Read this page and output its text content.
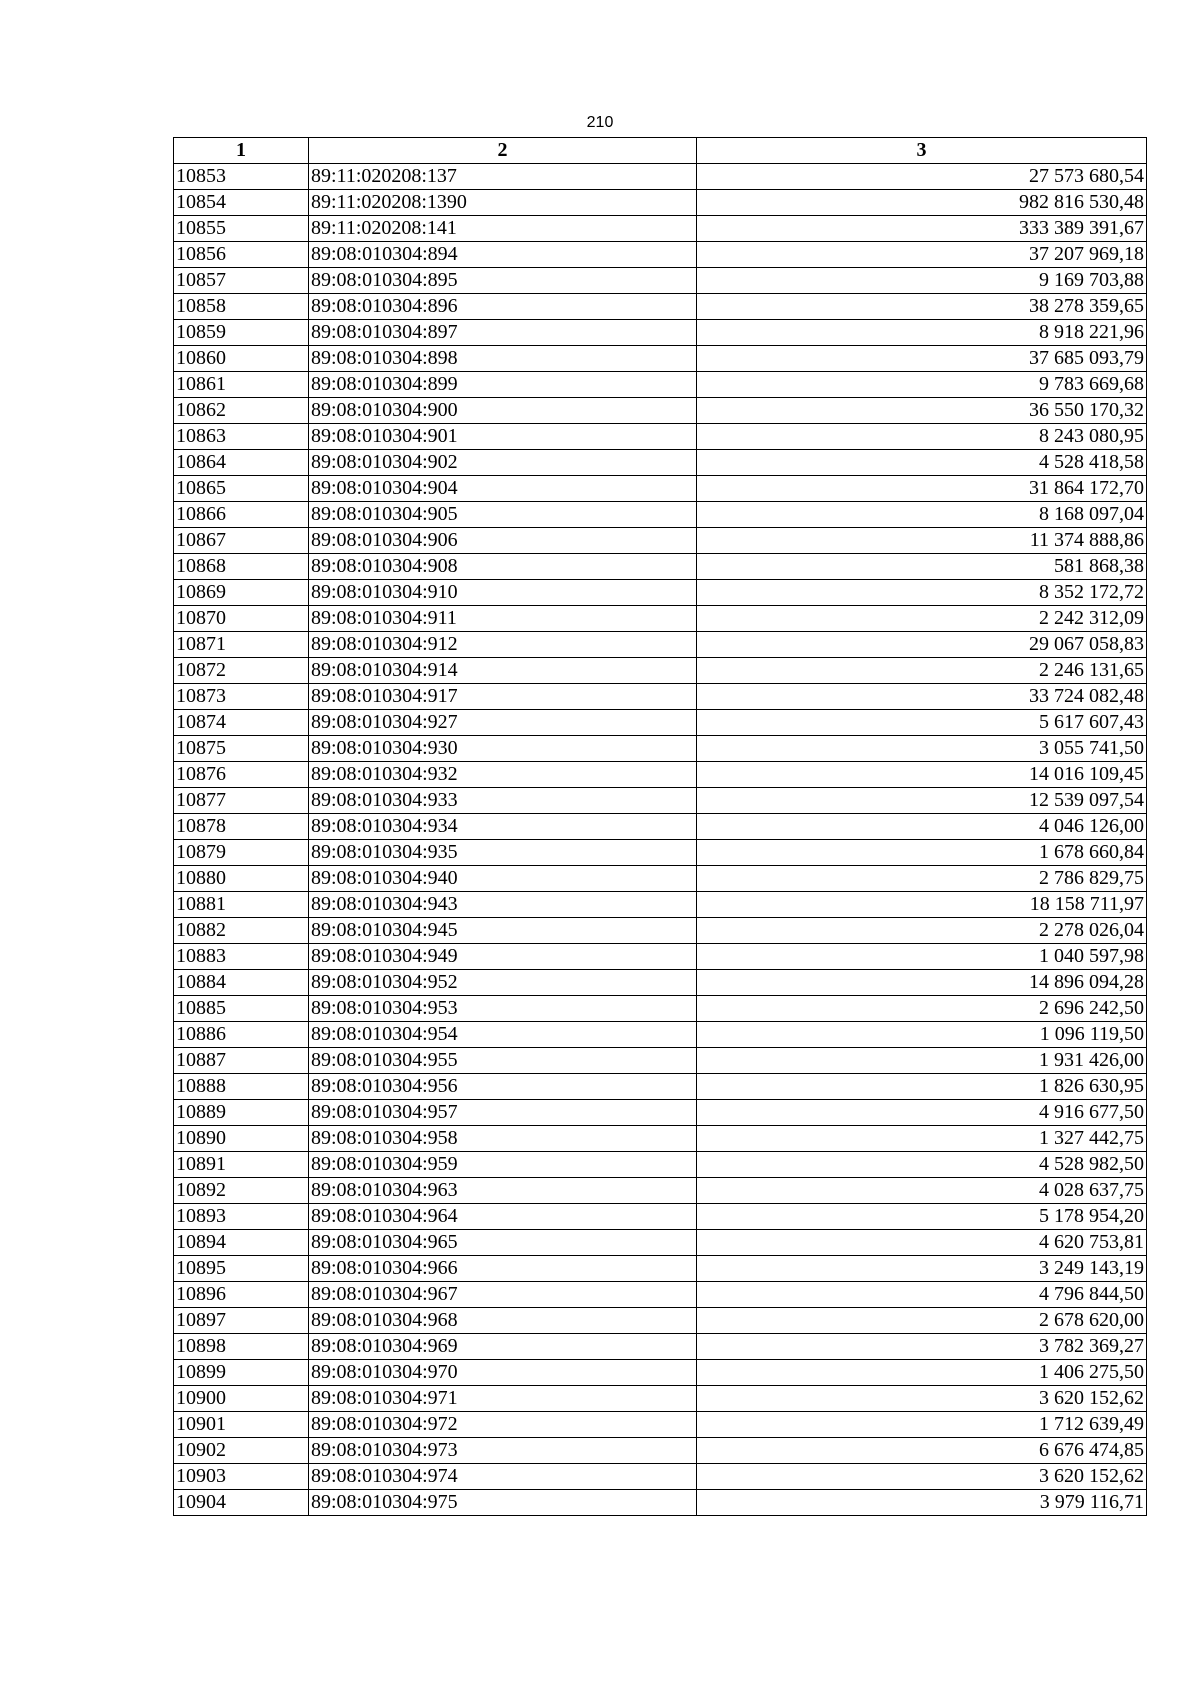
210
1	2	3
10853	89:11:020208:137	27 573 680,54
10854	89:11:020208:1390	982 816 530,48
10855	89:11:020208:141	333 389 391,67
10856	89:08:010304:894	37 207 969,18
10857	89:08:010304:895	9 169 703,88
10858	89:08:010304:896	38 278 359,65
10859	89:08:010304:897	8 918 221,96
10860	89:08:010304:898	37 685 093,79
10861	89:08:010304:899	9 783 669,68
10862	89:08:010304:900	36 550 170,32
10863	89:08:010304:901	8 243 080,95
10864	89:08:010304:902	4 528 418,58
10865	89:08:010304:904	31 864 172,70
10866	89:08:010304:905	8 168 097,04
10867	89:08:010304:906	11 374 888,86
10868	89:08:010304:908	581 868,38
10869	89:08:010304:910	8 352 172,72
10870	89:08:010304:911	2 242 312,09
10871	89:08:010304:912	29 067 058,83
10872	89:08:010304:914	2 246 131,65
10873	89:08:010304:917	33 724 082,48
10874	89:08:010304:927	5 617 607,43
10875	89:08:010304:930	3 055 741,50
10876	89:08:010304:932	14 016 109,45
10877	89:08:010304:933	12 539 097,54
10878	89:08:010304:934	4 046 126,00
10879	89:08:010304:935	1 678 660,84
10880	89:08:010304:940	2 786 829,75
10881	89:08:010304:943	18 158 711,97
10882	89:08:010304:945	2 278 026,04
10883	89:08:010304:949	1 040 597,98
10884	89:08:010304:952	14 896 094,28
10885	89:08:010304:953	2 696 242,50
10886	89:08:010304:954	1 096 119,50
10887	89:08:010304:955	1 931 426,00
10888	89:08:010304:956	1 826 630,95
10889	89:08:010304:957	4 916 677,50
10890	89:08:010304:958	1 327 442,75
10891	89:08:010304:959	4 528 982,50
10892	89:08:010304:963	4 028 637,75
10893	89:08:010304:964	5 178 954,20
10894	89:08:010304:965	4 620 753,81
10895	89:08:010304:966	3 249 143,19
10896	89:08:010304:967	4 796 844,50
10897	89:08:010304:968	2 678 620,00
10898	89:08:010304:969	3 782 369,27
10899	89:08:010304:970	1 406 275,50
10900	89:08:010304:971	3 620 152,62
10901	89:08:010304:972	1 712 639,49
10902	89:08:010304:973	6 676 474,85
10903	89:08:010304:974	3 620 152,62
10904	89:08:010304:975	3 979 116,71
